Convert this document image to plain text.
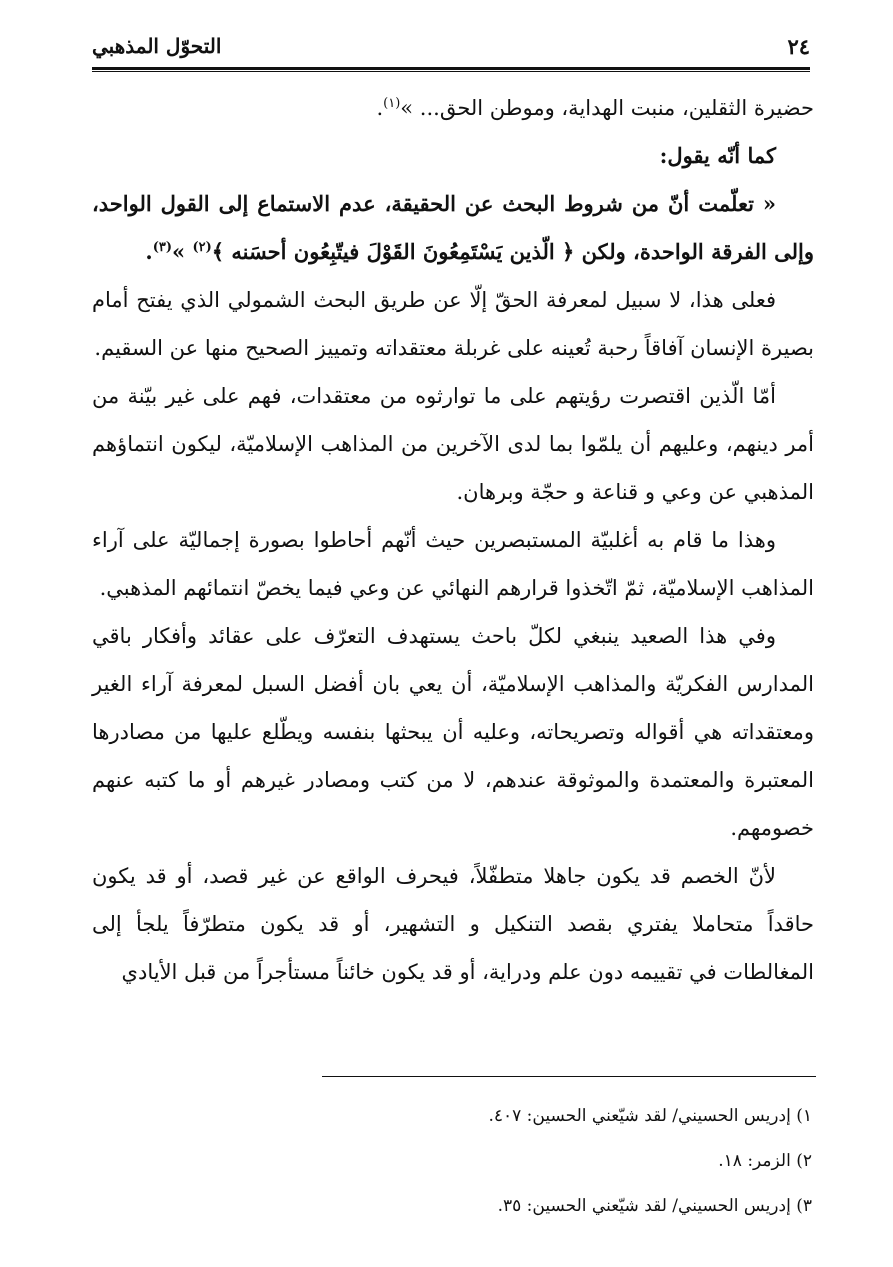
٢٤
التحوّل المذهبي

حضيرة الثقلين، منبت الهداية، وموطن الحق... »$^{(١)}$.

كما أنّه يقول:

« تعلّمت أنّ من شروط البحث عن الحقيقة، عدم الاستماع إلى القول الواحد، وإلى الفرقة الواحدة، ولكن ﴿ الّذين يَسْتَمِعُونَ القَوْلَ فيتّبِعُون أحسَنه ﴾$^{(٢)}$ »$^{(٣)}$.

فعلى هذا، لا سبيل لمعرفة الحقّ إلّا عن طريق البحث الشمولي الذي يفتح أمام بصيرة الإنسان آفاقاً رحبة تُعينه على غربلة معتقداته وتمييز الصحيح منها عن السقيم.

أمّا الّذين اقتصرت رؤيتهم على ما توارثوه من معتقدات، فهم على غير بيّنة من أمر دينهم، وعليهم أن يلمّوا بما لدى الآخرين من المذاهب الإسلاميّة، ليكون انتماؤهم المذهبي عن وعي و قناعة و حجّة وبرهان.

وهذا ما قام به أغلبيّة المستبصرين حيث أنّهم أحاطوا بصورة إجماليّة على آراء المذاهب الإسلاميّة، ثمّ اتّخذوا قرارهم النهائي عن وعي فيما يخصّ انتمائهم المذهبي.

وفي هذا الصعيد ينبغي لكلّ باحث يستهدف التعرّف على عقائد وأفكار باقي المدارس الفكريّة والمذاهب الإسلاميّة، أن يعي بان أفضل السبل لمعرفة آراء الغير ومعتقداته هي أقواله وتصريحاته، وعليه أن يبحثها بنفسه ويطّلع عليها من مصادرها المعتبرة والمعتمدة والموثوقة عندهم، لا من كتب ومصادر غيرهم أو ما كتبه عنهم خصومهم.

لأنّ الخصم قد يكون جاهلا متطفّلاً، فيحرف الواقع عن غير قصد، أو قد يكون حاقداً متحاملا يفتري بقصد التنكيل و التشهير، أو قد يكون متطرّفاً يلجأ إلى المغالطات في تقييمه دون علم ودراية، أو قد يكون خائناً مستأجراً من قبل الأيادي

١) إدريس الحسيني/ لقد شيّعني الحسين: ٤٠٧.
٢) الزمر: ١٨.
٣) إدريس الحسيني/ لقد شيّعني الحسين: ٣٥.
